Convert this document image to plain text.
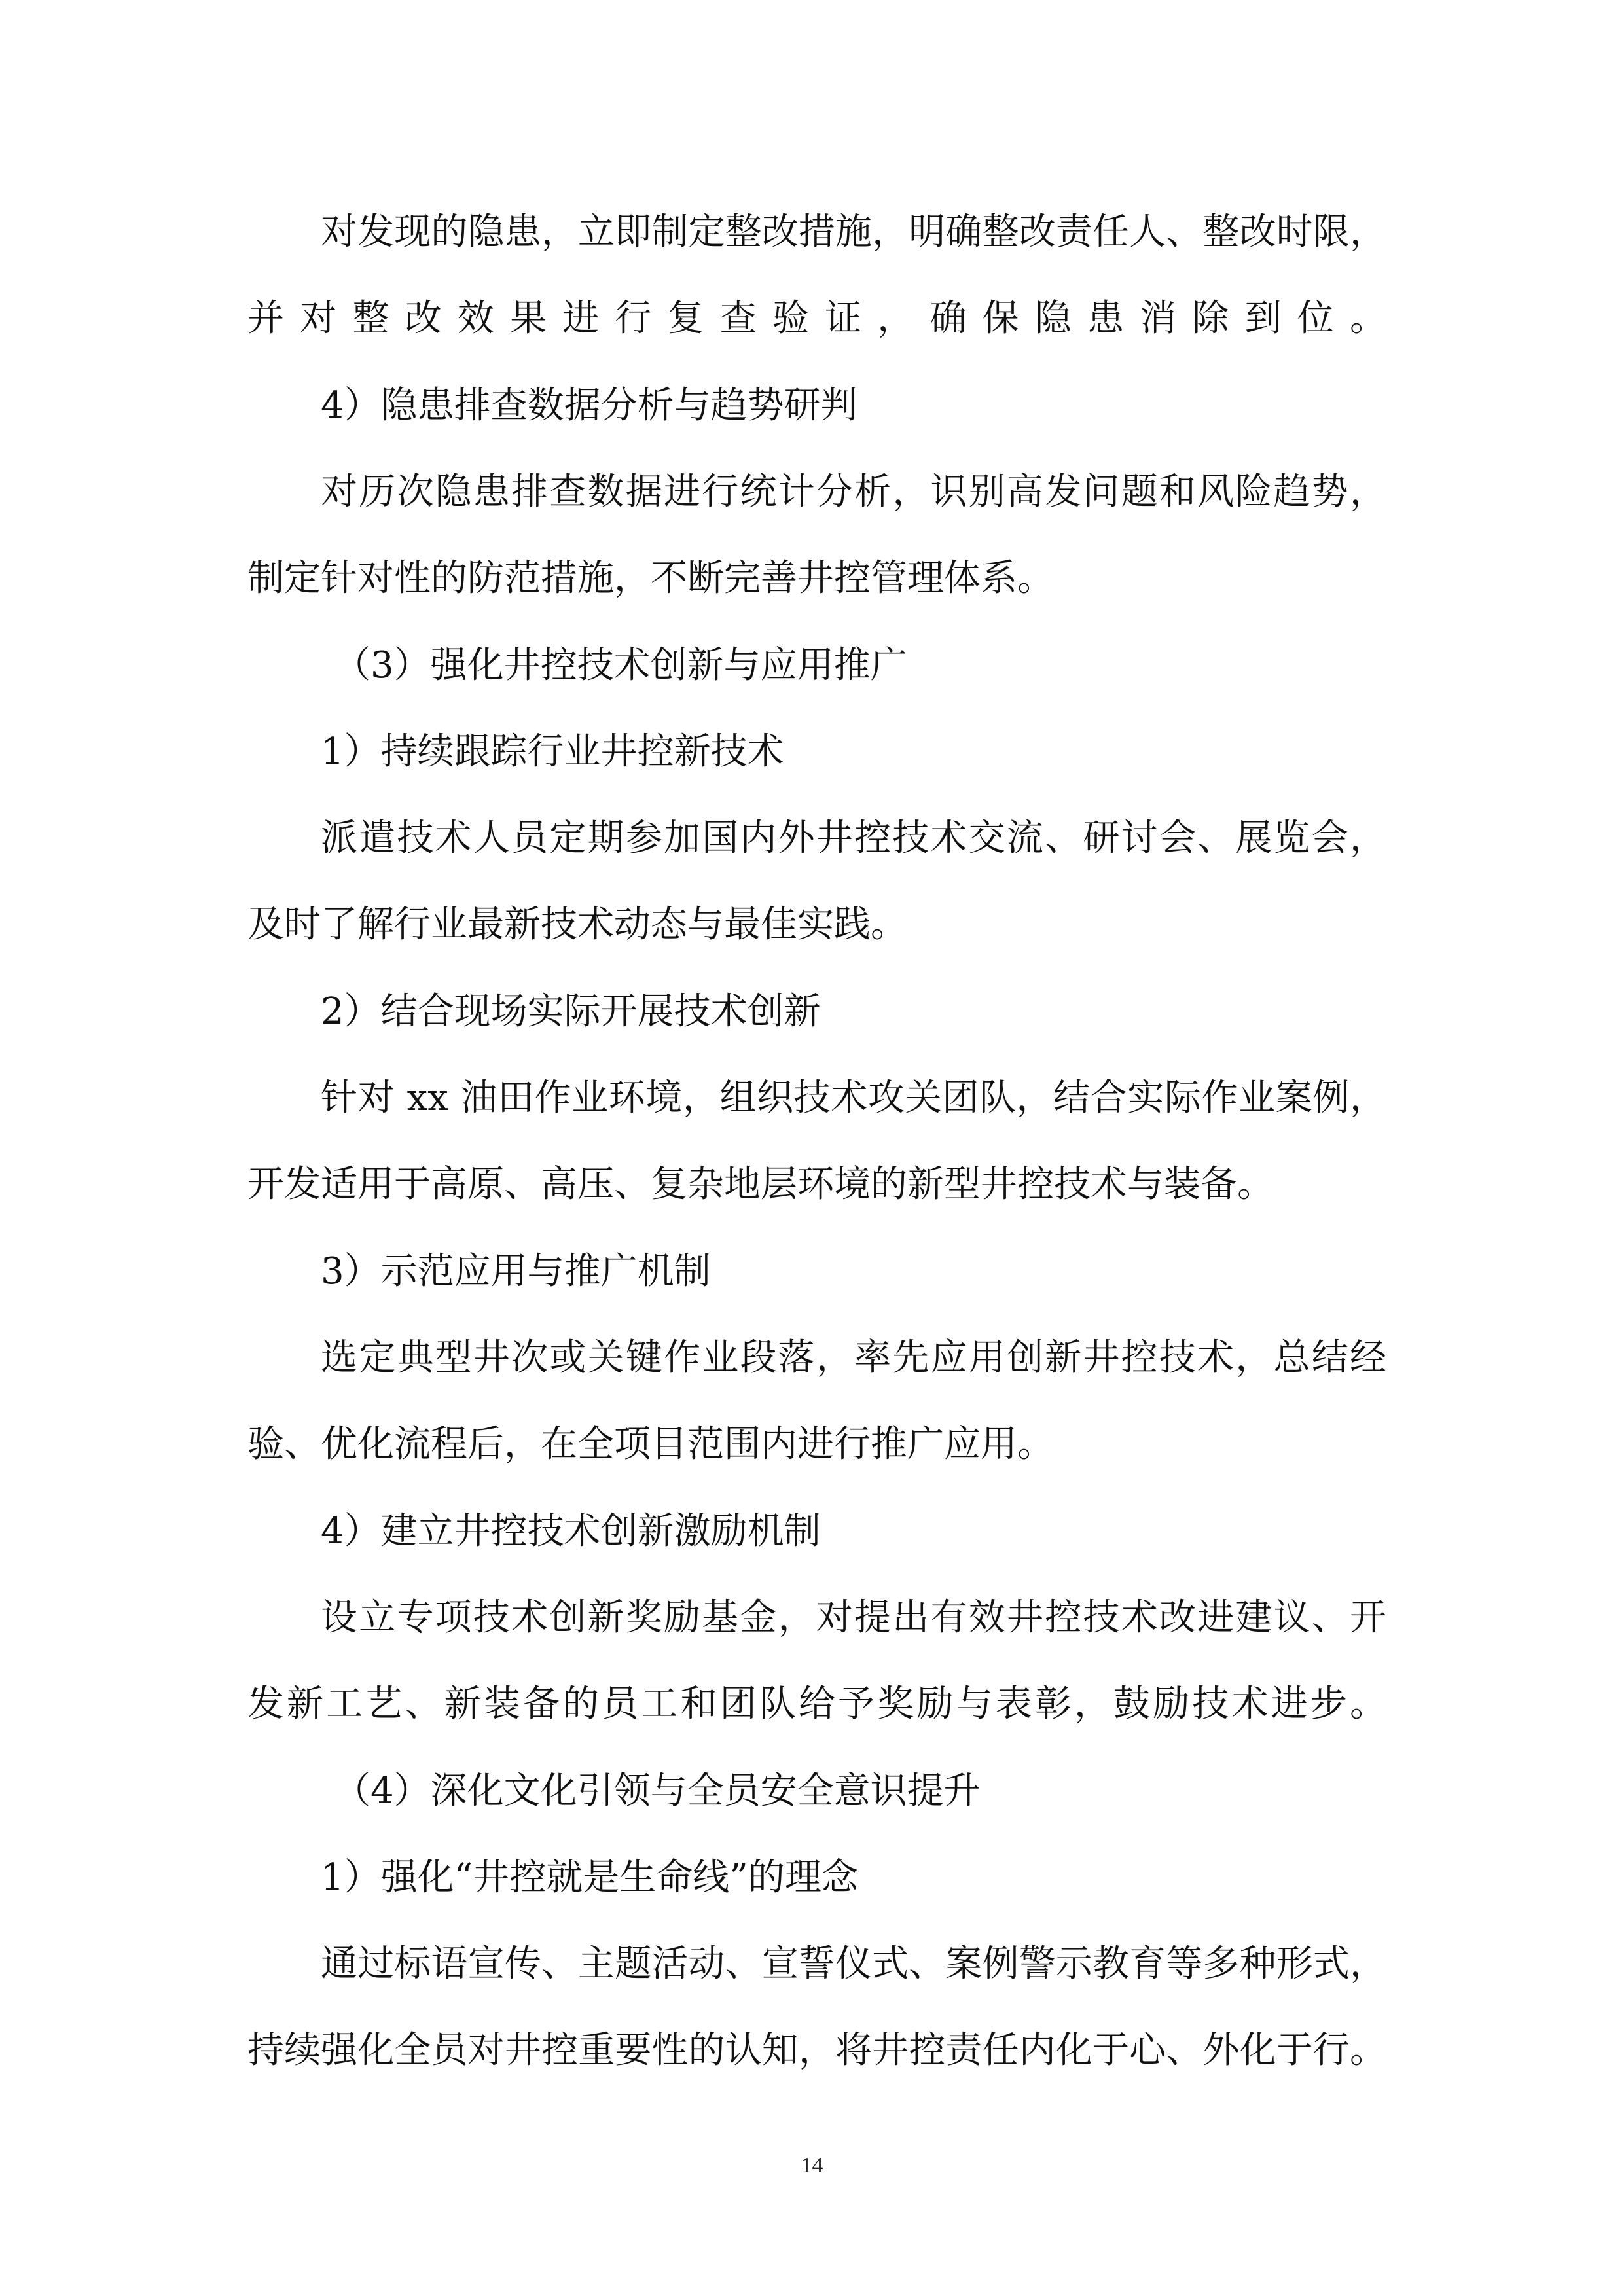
对发现的隐患，立即制定整改措施，明确整改责任人、整改时限，
并对整改效果进行复查验证，确保隐患消除到位。
4）隐患排查数据分析与趋势研判
对历次隐患排查数据进行统计分析，识别高发问题和风险趋势，
制定针对性的防范措施，不断完善井控管理体系。
（3）强化井控技术创新与应用推广
1）持续跟踪行业井控新技术
派遣技术人员定期参加国内外井控技术交流、研讨会、展览会，
及时了解行业最新技术动态与最佳实践。
2）结合现场实际开展技术创新
针对 xx 油田作业环境，组织技术攻关团队，结合实际作业案例，
开发适用于高原、高压、复杂地层环境的新型井控技术与装备。
3）示范应用与推广机制
选定典型井次或关键作业段落，率先应用创新井控技术，总结经
验、优化流程后，在全项目范围内进行推广应用。
4）建立井控技术创新激励机制
设立专项技术创新奖励基金，对提出有效井控技术改进建议、开
发新工艺、新装备的员工和团队给予奖励与表彰，鼓励技术进步。
（4）深化文化引领与全员安全意识提升
1）强化“井控就是生命线”的理念
通过标语宣传、主题活动、宣誓仪式、案例警示教育等多种形式，
持续强化全员对井控重要性的认知，将井控责任内化于心、外化于行。
14
